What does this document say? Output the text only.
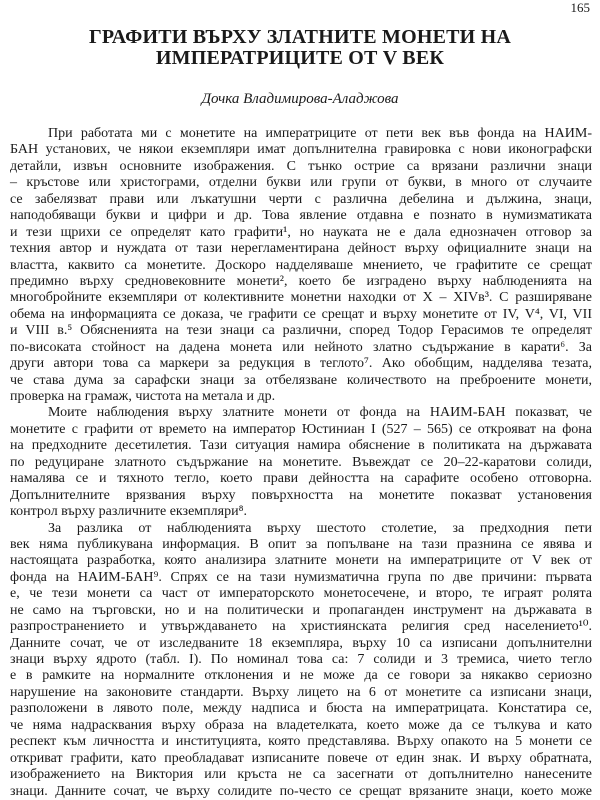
165
ГРАФИТИ ВЪРХУ ЗЛАТНИТЕ МОНЕТИ НА
ИМПЕРАТРИЦИТЕ ОТ V ВЕК
Дочка Владимирова-Аладжова
При работата ми с монетите на императриците от пети век във фонда на НАИМ-
БАН установих, че някои екземпляри имат допълнителна гравировка с нови иконографски
детайли, извън основните изображения. С тънко острие са врязани различни знаци
– кръстове или христограми, отделни букви или групи от букви, в много от случаите
се забелязват прави или лъкатушни черти с различна дебелина и дължина, знаци,
наподобяващи букви и цифри и др. Това явление отдавна е познато в нумизматиката
и тези щрихи се определят като графити¹, но науката не е дала еднозначен отговор за
техния автор и нуждата от тази нерегламентирана дейност върху официалните знаци на
властта, каквито са монетите. Доскоро надделяваше мнението, че графитите се срещат
предимно върху средновековните монети², което бе изградено върху наблюденията на
многобройните екземпляри от колективните монетни находки от X – XIVв³. С разширяване
обема на информацията се доказа, че графити се срещат и върху монетите от IV, V⁴, VI, VII
и VIII в.⁵ Обясненията на тези знаци са различни, според Тодор Герасимов те определят
по-високата стойност на дадена монета или нейното златно съдържание в карати⁶. За
други автори това са маркери за редукция в теглото⁷. Ако обобщим, надделява тезата,
че става дума за сарафски знаци за отбелязване количеството на преброените монети,
проверка на грамаж, чистота на метала и др.
Моите наблюдения върху златните монети от фонда на НАИМ-БАН показват, че
монетите с графити от времето на император Юстиниан I (527 – 565) се открояват на фона
на предходните десетилетия. Тази ситуация намира обяснение в политиката на държавата
по редуциране златното съдържание на монетите. Въвеждат се 20–22-каратови солиди,
намалява се и тяхното тегло, което прави дейността на сарафите особено отговорна.
Допълнителните врязвания върху повърхността на монетите показват установения
контрол върху различните екземпляри⁸.
За разлика от наблюденията върху шестото столетие, за предходния пети
век няма публикувана информация. В опит за попълване на тази празнина се явява и
настоящата разработка, която анализира златните монети на императриците от V век от
фонда на НАИМ-БАН⁹. Спрях се на тази нумизматична група по две причини: първата
е, че тези монети са част от императорското монетосечене, и второ, те играят ролята
не само на търговски, но и на политически и пропаганден инструмент на държавата в
разпространението и утвърждаването на християнската религия сред населението¹⁰.
Данните сочат, че от изследваните 18 екземпляра, върху 10 са изписани допълнителни
знаци върху ядрото (табл. I). По номинал това са: 7 солиди и 3 тремиса, чието тегло
е в рамките на нормалните отклонения и не може да се говори за някакво сериозно
нарушение на законовите стандарти. Върху лицето на 6 от монетите са изписани знаци,
разположени в лявото поле, между надписа и бюста на императрицата. Констатира се,
че няма надрасквания върху образа на владетелката, което може да се тълкува и като
респект към личността и институцията, която представлява. Върху опакото на 5 монети се
откриват графити, като преобладават изписаните повече от един знак. И върху обратната,
изображението на Виктория или кръста не са засегнати от допълнително нанесените
знаци. Данните сочат, че върху солидите по-често се срещат врязаните знаци, което може
